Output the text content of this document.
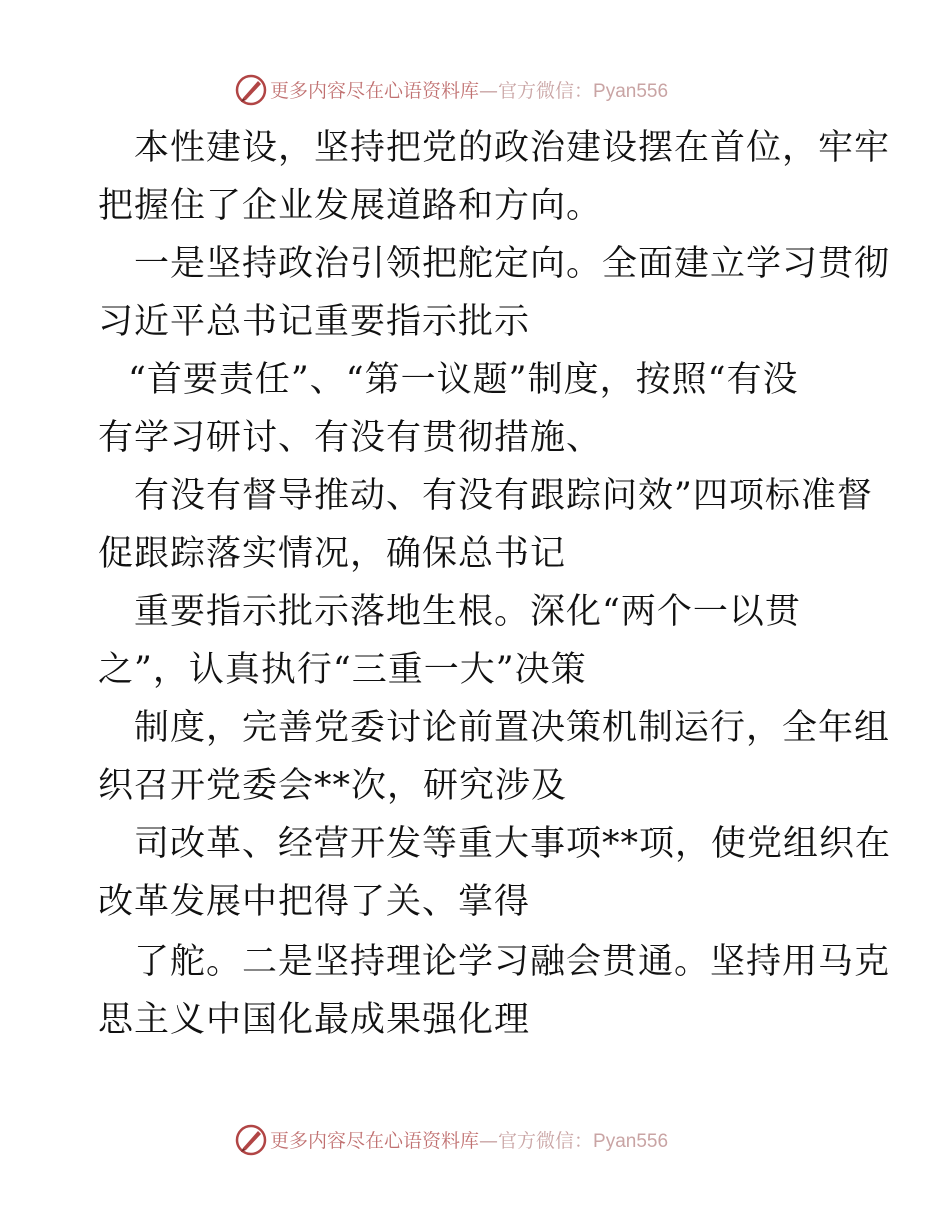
更多内容尽在心语资料库—官方微信：Pyan556
本性建设，坚持把党的政治建设摆在首位，牢牢
把握住了企业发展道路和方向。
一是坚持政治引领把舵定向。全面建立学习贯彻
习近平总书记重要指示批示
“首要责任”、“第一议题”制度，按照“有没
有学习研讨、有没有贯彻措施、
有没有督导推动、有没有跟踪问效”四项标准督
促跟踪落实情况，确保总书记
重要指示批示落地生根。深化“两个一以贯
之”，认真执行“三重一大”决策
制度，完善党委讨论前置决策机制运行，全年组
织召开党委会**次，研究涉及
司改革、经营开发等重大事项**项，使党组织在
改革发展中把得了关、掌得
了舵。二是坚持理论学习融会贯通。坚持用马克
思主义中国化最成果强化理
更多内容尽在心语资料库—官方微信：Pyan556
